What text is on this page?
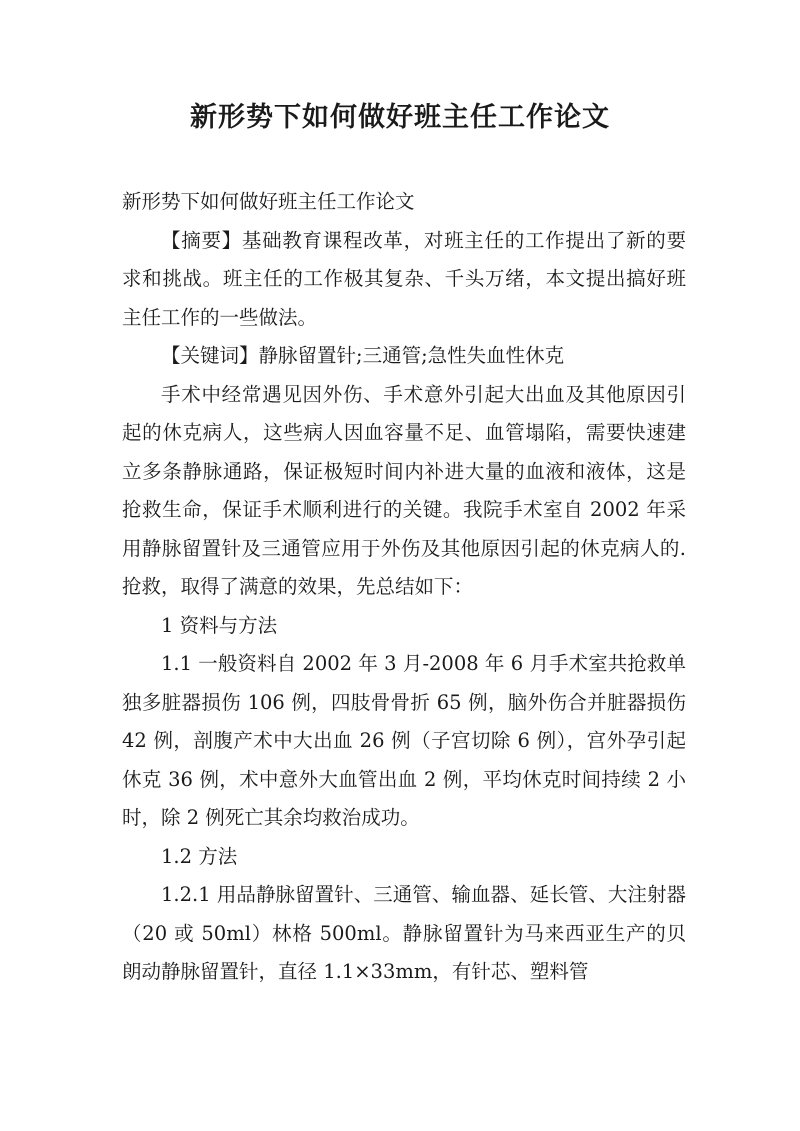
新形势下如何做好班主任工作论文

新形势下如何做好班主任工作论文

【摘要】基础教育课程改革，对班主任的工作提出了新的要求和挑战。班主任的工作极其复杂、千头万绪，本文提出搞好班主任工作的一些做法。

【关键词】静脉留置针;三通管;急性失血性休克

手术中经常遇见因外伤、手术意外引起大出血及其他原因引起的休克病人，这些病人因血容量不足、血管塌陷，需要快速建立多条静脉通路，保证极短时间内补进大量的血液和液体，这是抢救生命，保证手术顺利进行的关键。我院手术室自 2002 年采用静脉留置针及三通管应用于外伤及其他原因引起的休克病人的.抢救，取得了满意的效果，先总结如下：

1 资料与方法

1.1 一般资料自 2002 年 3 月-2008 年 6 月手术室共抢救单独多脏器损伤 106 例，四肢骨骨折 65 例，脑外伤合并脏器损伤 42 例，剖腹产术中大出血 26 例（子宫切除 6 例），宫外孕引起休克 36 例，术中意外大血管出血 2 例，平均休克时间持续 2 小时，除 2 例死亡其余均救治成功。

1.2 方法

1.2.1 用品静脉留置针、三通管、输血器、延长管、大注射器（20 或 50ml）林格 500ml。静脉留置针为马来西亚生产的贝朗动静脉留置针，直径 1.1×33mm，有针芯、塑料管
